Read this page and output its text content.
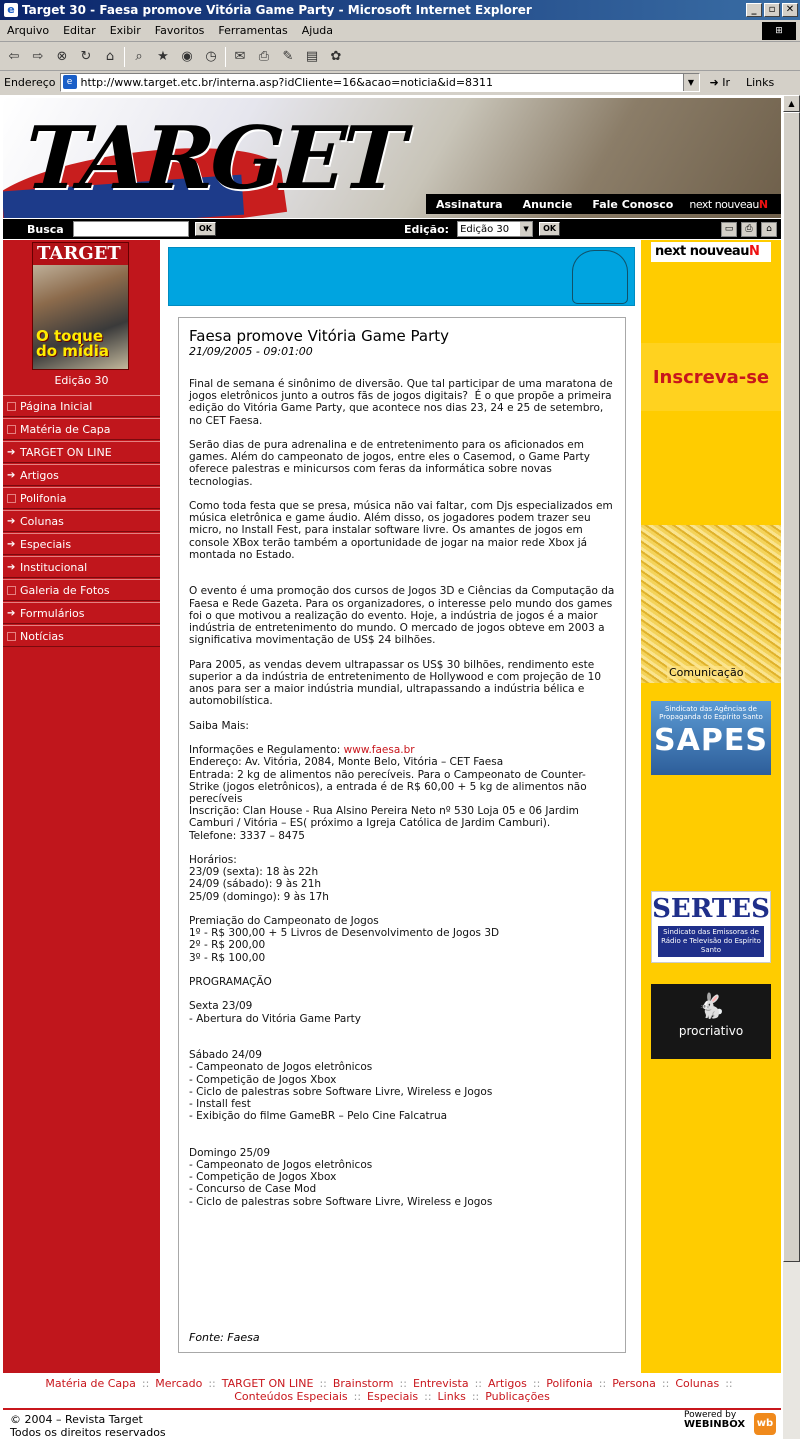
e Target 30 - Faesa promove Vitória Game Party - Microsoft Internet Explorer	_	▫	✕
Arquivo	Editar	Exibir	Favoritos	Ferramentas	Ajuda	⊞
⇦	⇨	⊗	↻	⌂	⌕	★ ◉ ◷	✉	⎙	✎ ▤ ✿
Endereço	e http://www.target.etc.br/interna.asp?idCliente=16&acao=noticia&id=8311	▼	➜ Ir	Links
TARGET	Assinatura	Anuncie	Fale Conosco	next nouveauN
Busca	OK	Edição: Edição 30	▼	OK	▭	⎙	⌂
TARGET
O toque do mídia
Edição 30
Página Inicial
Matéria de Capa
➔ TARGET ON LINE
➔ Artigos
Polifonia
➔ Colunas
➔ Especiais
➔ Institucional
Galeria de Fotos
➔ Formulários
Notícias
Faesa promove Vitória Game Party
21/09/2005 - 09:01:00
Final de semana é sinônimo de diversão. Que tal participar de uma maratona de jogos eletrônicos junto a outros fãs de jogos digitais?  É o que propõe a primeira edição do Vitória Game Party, que acontece nos dias 23, 24 e 25 de setembro, no CET Faesa.

Serão dias de pura adrenalina e de entretenimento para os aficionados em games. Além do campeonato de jogos, entre eles o Casemod, o Game Party oferece palestras e minicursos com feras da informática sobre novas tecnologias.

Como toda festa que se presa, música não vai faltar, com Djs especializados em música eletrônica e game áudio. Além disso, os jogadores podem trazer seu micro, no Install Fest, para instalar software livre. Os amantes de jogos em console XBox terão também a oportunidade de jogar na maior rede Xbox já montada no Estado.

O evento é uma promoção dos cursos de Jogos 3D e Ciências da Computação da Faesa e Rede Gazeta. Para os organizadores, o interesse pelo mundo dos games foi o que motivou a realização do evento. Hoje, a indústria de jogos é a maior indústria de entretenimento do mundo. O mercado de jogos obteve em 2003 a significativa movimentação de US$ 24 bilhões.

Para 2005, as vendas devem ultrapassar os US$ 30 bilhões, rendimento este superior a da indústria de entretenimento de Hollywood e com projeção de 10 anos para ser a maior indústria mundial, ultrapassando a indústria bélica e automobilística.

Saiba Mais:

Informações e Regulamento: www.faesa.br
Endereço: Av. Vitória, 2084, Monte Belo, Vitória – CET Faesa
Entrada: 2 kg de alimentos não perecíveis. Para o Campeonato de Counter-Strike (jogos eletrônicos), a entrada é de R$ 60,00 + 5 kg de alimentos não perecíveis
Inscrição: Clan House - Rua Alsino Pereira Neto nº 530 Loja 05 e 06 Jardim Camburi / Vitória – ES( próximo a Igreja Católica de Jardim Camburi).
Telefone: 3337 – 8475

Horários:
23/09 (sexta): 18 às 22h
24/09 (sábado): 9 às 21h
25/09 (domingo): 9 às 17h

Premiação do Campeonato de Jogos
1º - R$ 300,00 + 5 Livros de Desenvolvimento de Jogos 3D
2º - R$ 200,00
3º - R$ 100,00

PROGRAMAÇÃO

Sexta 23/09
- Abertura do Vitória Game Party

Sábado 24/09
- Campeonato de Jogos eletrônicos
- Competição de Jogos Xbox
- Ciclo de palestras sobre Software Livre, Wireless e Jogos
- Install fest
- Exibição do filme GameBR – Pelo Cine Falcatrua

Domingo 25/09
- Campeonato de Jogos eletrônicos
- Competição de Jogos Xbox
- Concurso de Case Mod
- Ciclo de palestras sobre Software Livre, Wireless e Jogos
Fonte: Faesa
next nouveauN
Inscreva-se
Comunicação
Sindicato das Agências de Propaganda do Espírito Santo
SAPES
SERTES
Sindicato das Emissoras de Rádio e Televisão do Espírito Santo
🐇
procriativo
Matéria de Capa :: Mercado :: TARGET ON LINE :: Brainstorm :: Entrevista :: Artigos :: Polifonia :: Persona :: Colunas ::
Conteúdos Especiais :: Especiais :: Links :: Publicações
© 2004 – Revista Target
Todos os direitos reservados
Powered by
WEBINBOX	wb
▲
